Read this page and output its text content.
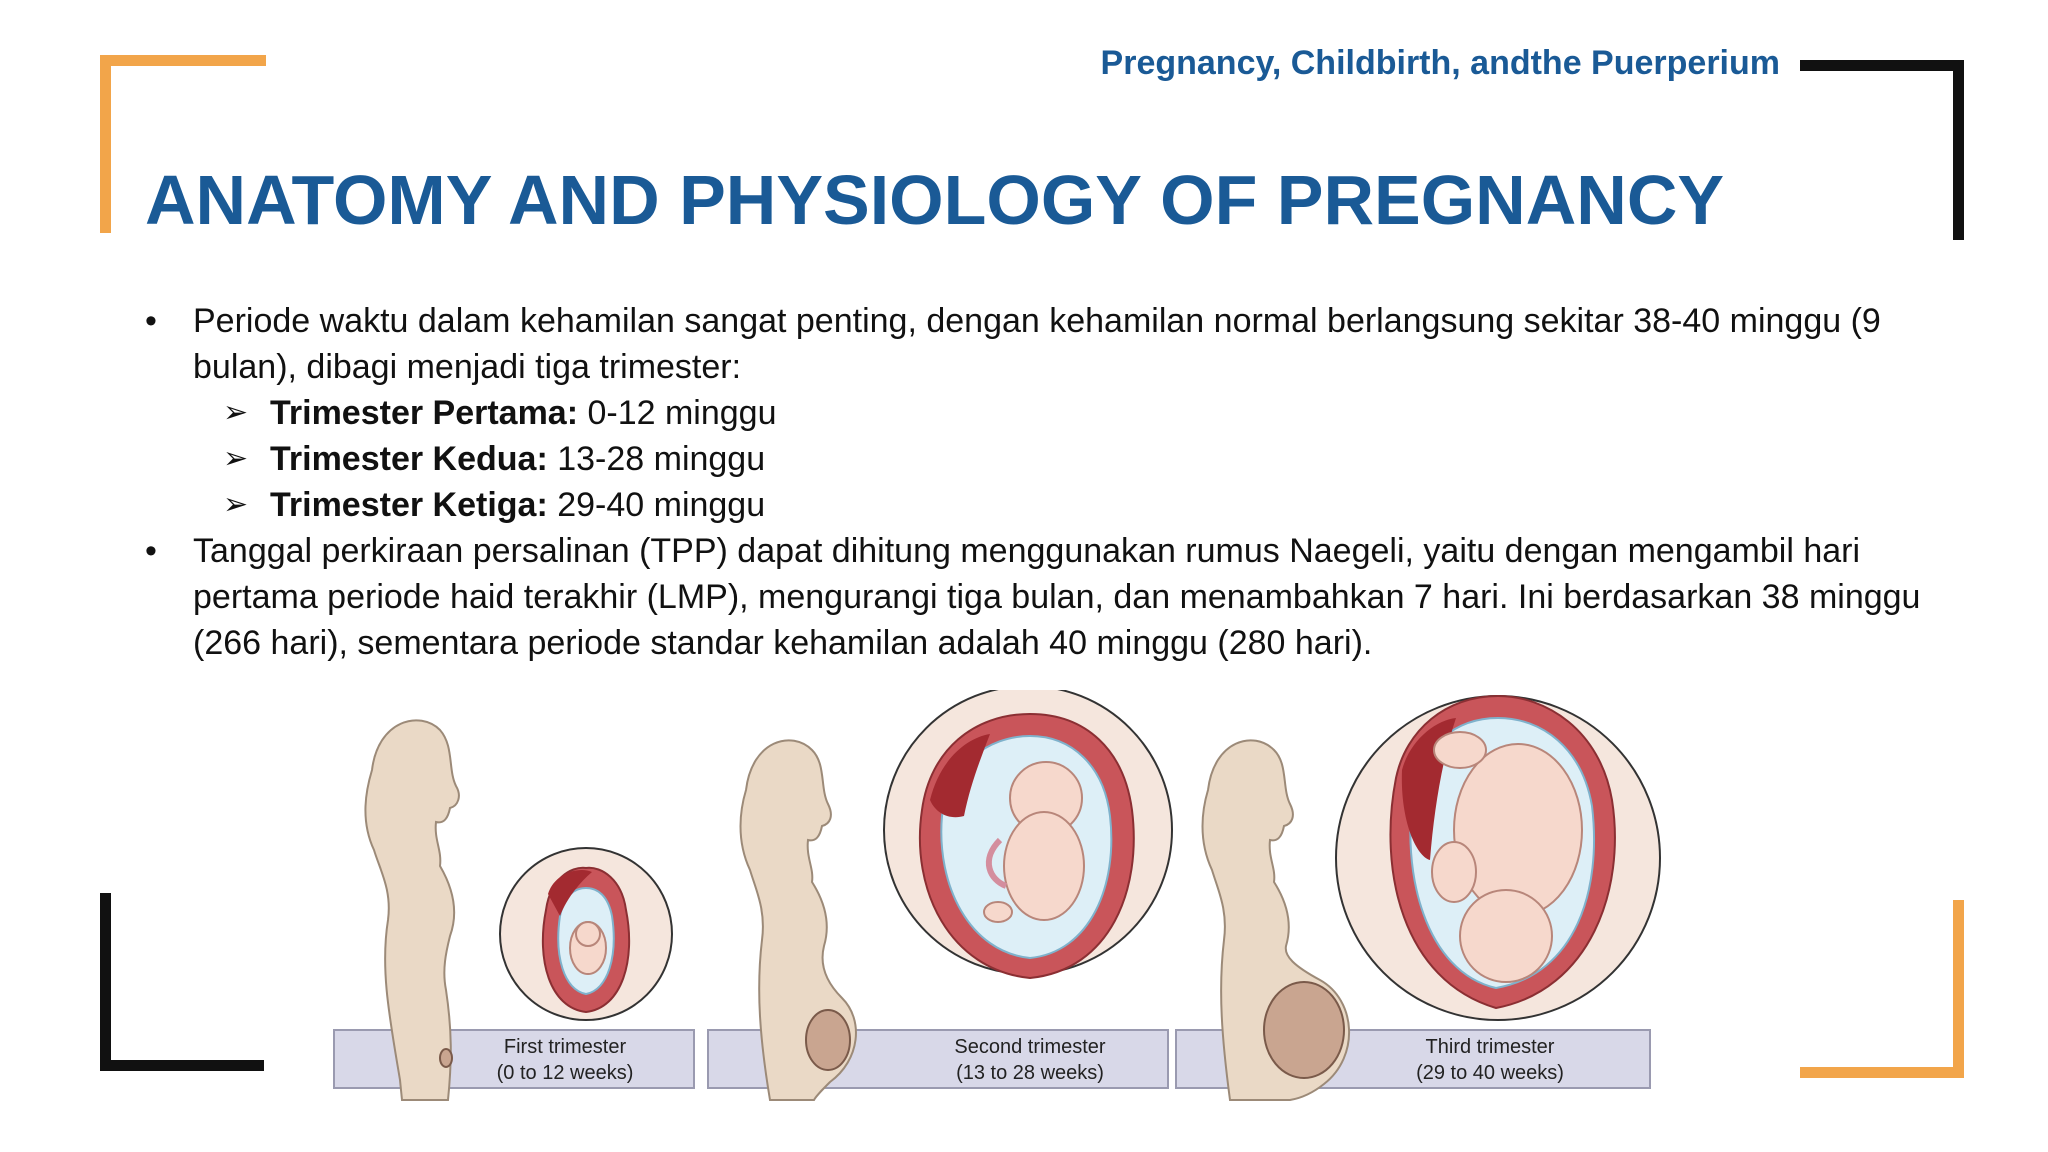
Pregnancy, Childbirth, andthe Puerperium
ANATOMY AND PHYSIOLOGY OF PREGNANCY
• Periode waktu dalam kehamilan sangat penting, dengan kehamilan normal berlangsung sekitar 38-40 minggu (9 bulan), dibagi menjadi tiga trimester:
➢ Trimester Pertama: 0-12 minggu
➢ Trimester Kedua: 13-28 minggu
➢ Trimester Ketiga: 29-40 minggu
• Tanggal perkiraan persalinan (TPP) dapat dihitung menggunakan rumus Naegeli, yaitu dengan mengambil hari pertama periode haid terakhir (LMP), mengurangi tiga bulan, dan menambahkan 7 hari. Ini berdasarkan 38 minggu (266 hari), sementara periode standar kehamilan adalah 40 minggu (280 hari).
First trimester
(0 to 12 weeks)
Second trimester
(13 to 28 weeks)
Third trimester
(29 to 40 weeks)
